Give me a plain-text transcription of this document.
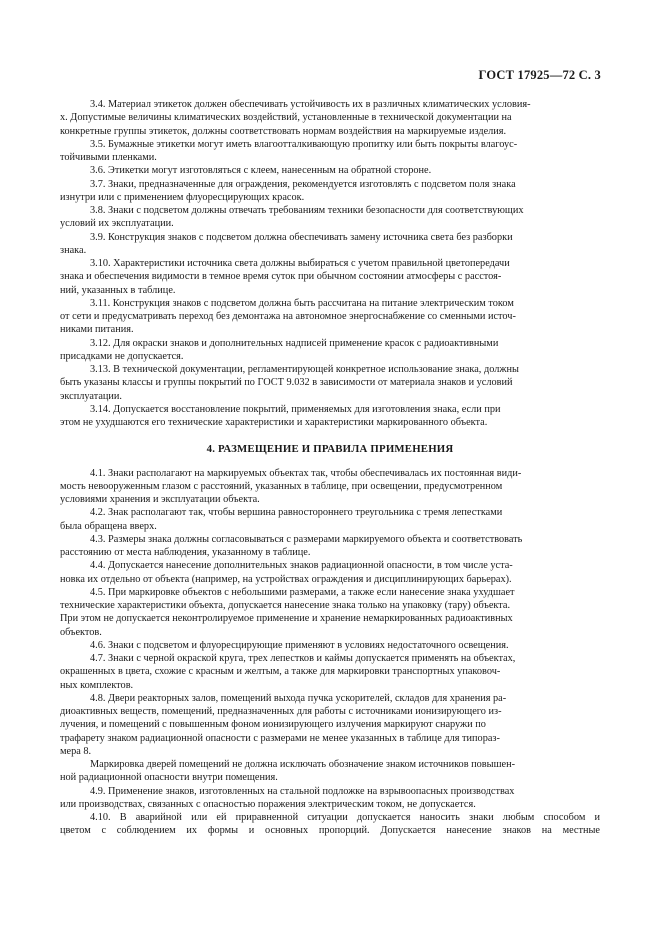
ГОСТ 17925—72 С. 3

3.4. Материал этикеток должен обеспечивать устойчивость их в различных климатических условия-
х. Допустимые величины климатических воздействий, установленные в технической документации на
конкретные группы этикеток, должны соответствовать нормам воздействия на маркируемые изделия.

3.5. Бумажные этикетки могут иметь влагоотталкивающую пропитку или быть покрыты влагоус-
тойчивыми пленками.

3.6. Этикетки могут изготовляться с клеем, нанесенным на обратной стороне.

3.7. Знаки, предназначенные для ограждения, рекомендуется изготовлять с подсветом поля знака
изнутри или с применением флуоресцирующих красок.

3.8. Знаки с подсветом должны отвечать требованиям техники безопасности для соответствующих
условий их эксплуатации.

3.9. Конструкция знаков с подсветом должна обеспечивать замену источника света без разборки
знака.

3.10. Характеристики источника света должны выбираться с учетом правильной цветопередачи
знака и обеспечения видимости в темное время суток при обычном состоянии атмосферы с расстоя-
ний, указанных в таблице.

3.11. Конструкция знаков с подсветом должна быть рассчитана на питание электрическим током
от сети и предусматривать переход без демонтажа на автономное энергоснабжение со сменными источ-
никами питания.

3.12. Для окраски знаков и дополнительных надписей применение красок с радиоактивными
присадками не допускается.

3.13. В технической документации, регламентирующей конкретное использование знака, должны
быть указаны классы и группы покрытий по ГОСТ 9.032 в зависимости от материала знаков и условий
эксплуатации.

3.14. Допускается восстановление покрытий, применяемых для изготовления знака, если при
этом не ухудшаются его технические характеристики и характеристики маркированного объекта.

4. РАЗМЕЩЕНИЕ И ПРАВИЛА ПРИМЕНЕНИЯ

4.1. Знаки располагают на маркируемых объектах так, чтобы обеспечивалась их постоянная види-
мость невооруженным глазом с расстояний, указанных в таблице, при освещении, предусмотренном
условиями хранения и эксплуатации объекта.

4.2. Знак располагают так, чтобы вершина равностороннего треугольника с тремя лепестками
была обращена вверх.

4.3. Размеры знака должны согласовываться с размерами маркируемого объекта и соответствовать
расстоянию от места наблюдения, указанному в таблице.

4.4. Допускается нанесение дополнительных знаков радиационной опасности, в том числе уста-
новка их отдельно от объекта (например, на устройствах ограждения и дисциплинирующих барьерах).

4.5. При маркировке объектов с небольшими размерами, а также если нанесение знака ухудшает
технические характеристики объекта, допускается нанесение знака только на упаковку (тару) объекта.
При этом не допускается неконтролируемое применение и хранение немаркированных радиоактивных
объектов.

4.6. Знаки с подсветом и флуоресцирующие применяют в условиях недостаточного освещения.

4.7. Знаки с черной окраской круга, трех лепестков и каймы допускается применять на объектах,
окрашенных в цвета, схожие с красным и желтым, а также для маркировки транспортных упаковоч-
ных комплектов.

4.8. Двери реакторных залов, помещений выхода пучка ускорителей, складов для хранения ра-
диоактивных веществ, помещений, предназначенных для работы с источниками ионизирующего из-
лучения, и помещений с повышенным фоном ионизирующего излучения маркируют снаружи по
трафарету знаком радиационной опасности с размерами не менее указанных в таблице для типораз-
мера 8.

Маркировка дверей помещений не должна исключать обозначение знаком источников повышен-
ной радиационной опасности внутри помещения.

4.9. Применение знаков, изготовленных на стальной подложке на взрывоопасных производствах
или производствах, связанных с опасностью поражения электрическим током, не допускается.

4.10. В аварийной или ей приравненной ситуации допускается наносить знаки любым способом и
цветом с соблюдением их формы и основных пропорций. Допускается нанесение знаков на местные
